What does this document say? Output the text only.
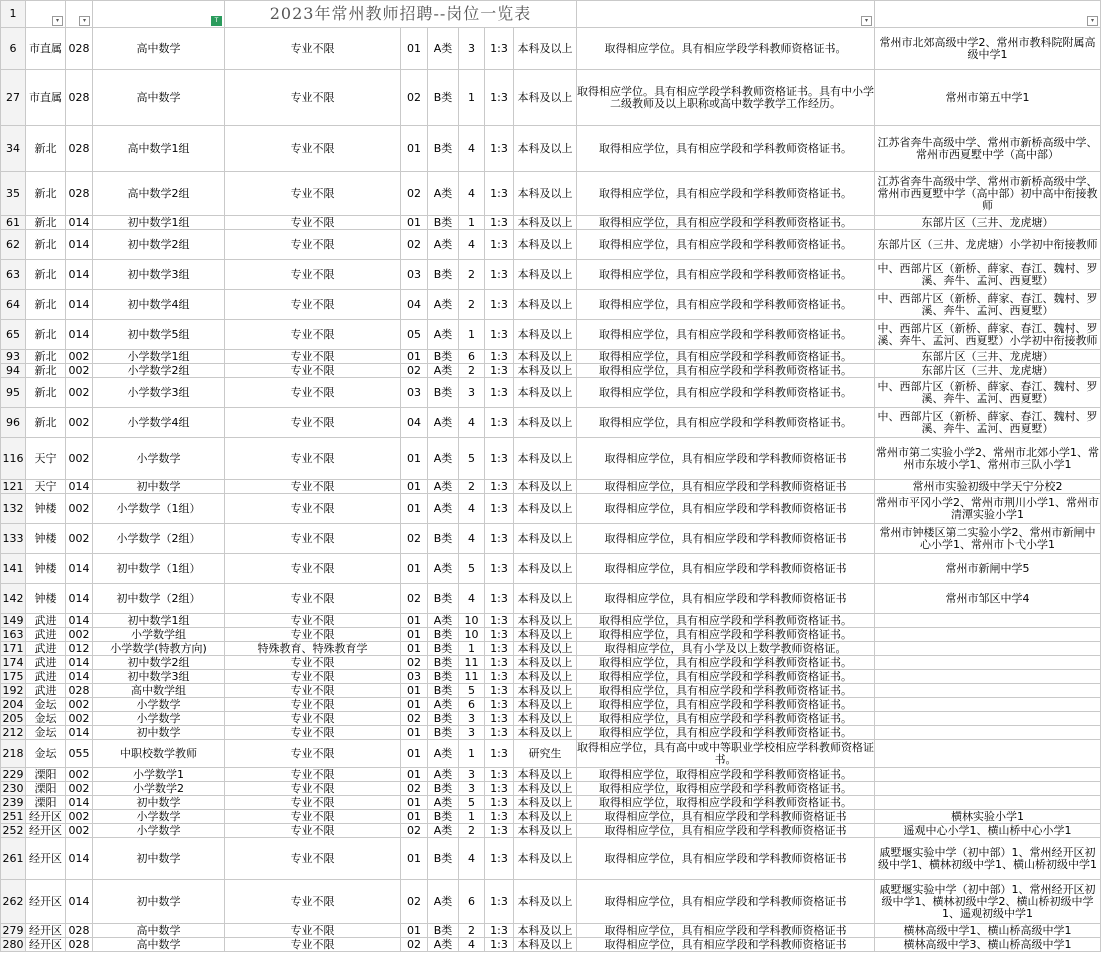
1	▾	▾	T	2023年常州教师招聘--岗位一览表						▾	▾

6	市直属	028	高中数学	专业不限	01	A类	3	1:3	本科及以上	取得相应学位。具有相应学段学科教师资格证书。	常州市北郊高级中学2、常州市教科院附属高级中学1
27	市直属	028	高中数学	专业不限	02	B类	1	1:3	本科及以上	取得相应学位。具有相应学段学科教师资格证书。具有中小学二级教师及以上职称或高中数学教学工作经历。	常州市第五中学1
34	新北	028	高中数学1组	专业不限	01	B类	4	1:3	本科及以上	取得相应学位，具有相应学段和学科教师资格证书。	江苏省奔牛高级中学、常州市新桥高级中学、常州市西夏墅中学（高中部）
35	新北	028	高中数学2组	专业不限	02	A类	4	1:3	本科及以上	取得相应学位，具有相应学段和学科教师资格证书。	江苏省奔牛高级中学、常州市新桥高级中学、常州市西夏墅中学（高中部）初中高中衔接教师
61	新北	014	初中数学1组	专业不限	01	B类	1	1:3	本科及以上	取得相应学位，具有相应学段和学科教师资格证书。	东部片区（三井、龙虎塘）
62	新北	014	初中数学2组	专业不限	02	A类	4	1:3	本科及以上	取得相应学位，具有相应学段和学科教师资格证书。	东部片区（三井、龙虎塘）小学初中衔接教师
63	新北	014	初中数学3组	专业不限	03	B类	2	1:3	本科及以上	取得相应学位，具有相应学段和学科教师资格证书。	中、西部片区（新桥、薛家、春江、魏村、罗溪、奔牛、孟河、西夏墅）
64	新北	014	初中数学4组	专业不限	04	A类	2	1:3	本科及以上	取得相应学位，具有相应学段和学科教师资格证书。	中、西部片区（新桥、薛家、春江、魏村、罗溪、奔牛、孟河、西夏墅）
65	新北	014	初中数学5组	专业不限	05	A类	1	1:3	本科及以上	取得相应学位，具有相应学段和学科教师资格证书。	中、西部片区（新桥、薛家、春江、魏村、罗溪、奔牛、孟河、西夏墅）小学初中衔接教师
93	新北	002	小学数学1组	专业不限	01	B类	6	1:3	本科及以上	取得相应学位，具有相应学段和学科教师资格证书。	东部片区（三井、龙虎塘）
94	新北	002	小学数学2组	专业不限	02	A类	2	1:3	本科及以上	取得相应学位，具有相应学段和学科教师资格证书。	东部片区（三井、龙虎塘）
95	新北	002	小学数学3组	专业不限	03	B类	3	1:3	本科及以上	取得相应学位，具有相应学段和学科教师资格证书。	中、西部片区（新桥、薛家、春江、魏村、罗溪、奔牛、孟河、西夏墅）
96	新北	002	小学数学4组	专业不限	04	A类	4	1:3	本科及以上	取得相应学位，具有相应学段和学科教师资格证书。	中、西部片区（新桥、薛家、春江、魏村、罗溪、奔牛、孟河、西夏墅）
116	天宁	002	小学数学	专业不限	01	A类	5	1:3	本科及以上	取得相应学位，具有相应学段和学科教师资格证书	常州市第二实验小学2、常州市北郊小学1、常州市东坡小学1、常州市三队小学1
121	天宁	014	初中数学	专业不限	01	A类	2	1:3	本科及以上	取得相应学位，具有相应学段和学科教师资格证书	常州市实验初级中学天宁分校2
132	钟楼	002	小学数学（1组）	专业不限	01	A类	4	1:3	本科及以上	取得相应学位，具有相应学段和学科教师资格证书	常州市平冈小学2、常州市荆川小学1、常州市清潭实验小学1
133	钟楼	002	小学数学（2组）	专业不限	02	B类	4	1:3	本科及以上	取得相应学位，具有相应学段和学科教师资格证书	常州市钟楼区第二实验小学2、常州市新闸中心小学1、常州市卜弋小学1
141	钟楼	014	初中数学（1组）	专业不限	01	A类	5	1:3	本科及以上	取得相应学位，具有相应学段和学科教师资格证书	常州市新闸中学5
142	钟楼	014	初中数学（2组）	专业不限	02	B类	4	1:3	本科及以上	取得相应学位，具有相应学段和学科教师资格证书	常州市邹区中学4
149	武进	014	初中数学1组	专业不限	01	A类	10	1:3	本科及以上	取得相应学位，具有相应学段和学科教师资格证书。	
163	武进	002	小学数学组	专业不限	01	B类	10	1:3	本科及以上	取得相应学位，具有相应学段和学科教师资格证书。	
171	武进	012	小学数学(特教方向)	特殊教育、特殊教育学	01	B类	1	1:3	本科及以上	取得相应学位，具有小学及以上数学教师资格证。	
174	武进	014	初中数学2组	专业不限	02	B类	11	1:3	本科及以上	取得相应学位，具有相应学段和学科教师资格证书。	
175	武进	014	初中数学3组	专业不限	03	B类	11	1:3	本科及以上	取得相应学位，具有相应学段和学科教师资格证书。	
192	武进	028	高中数学组	专业不限	01	B类	5	1:3	本科及以上	取得相应学位，具有相应学段和学科教师资格证书。	
204	金坛	002	小学数学	专业不限	01	A类	6	1:3	本科及以上	取得相应学位，具有相应学段和学科教师资格证书。	
205	金坛	002	小学数学	专业不限	02	B类	3	1:3	本科及以上	取得相应学位，具有相应学段和学科教师资格证书。	
212	金坛	014	初中数学	专业不限	01	B类	3	1:3	本科及以上	取得相应学位，具有相应学段和学科教师资格证书。	
218	金坛	055	中职校数学教师	专业不限	01	A类	1	1:3	研究生	取得相应学位，具有高中或中等职业学校相应学科教师资格证书。	
229	溧阳	002	小学数学1	专业不限	01	A类	3	1:3	本科及以上	取得相应学位，取得相应学段和学科教师资格证书。	
230	溧阳	002	小学数学2	专业不限	02	B类	3	1:3	本科及以上	取得相应学位，取得相应学段和学科教师资格证书。	
239	溧阳	014	初中数学	专业不限	01	A类	5	1:3	本科及以上	取得相应学位，取得相应学段和学科教师资格证书。	
251	经开区	002	小学数学	专业不限	01	B类	1	1:3	本科及以上	取得相应学位，具有相应学段和学科教师资格证书	横林实验小学1
252	经开区	002	小学数学	专业不限	02	A类	2	1:3	本科及以上	取得相应学位，具有相应学段和学科教师资格证书	遥观中心小学1、横山桥中心小学1
261	经开区	014	初中数学	专业不限	01	B类	4	1:3	本科及以上	取得相应学位，具有相应学段和学科教师资格证书	戚墅堰实验中学（初中部）1、常州经开区初级中学1、横林初级中学1、横山桥初级中学1
262	经开区	014	初中数学	专业不限	02	A类	6	1:3	本科及以上	取得相应学位，具有相应学段和学科教师资格证书	戚墅堰实验中学（初中部）1、常州经开区初级中学1、横林初级中学2、横山桥初级中学1、遥观初级中学1
279	经开区	028	高中数学	专业不限	01	B类	2	1:3	本科及以上	取得相应学位，具有相应学段和学科教师资格证书	横林高级中学1、横山桥高级中学1
280	经开区	028	高中数学	专业不限	02	A类	4	1:3	本科及以上	取得相应学位，具有相应学段和学科教师资格证书	横林高级中学3、横山桥高级中学1
